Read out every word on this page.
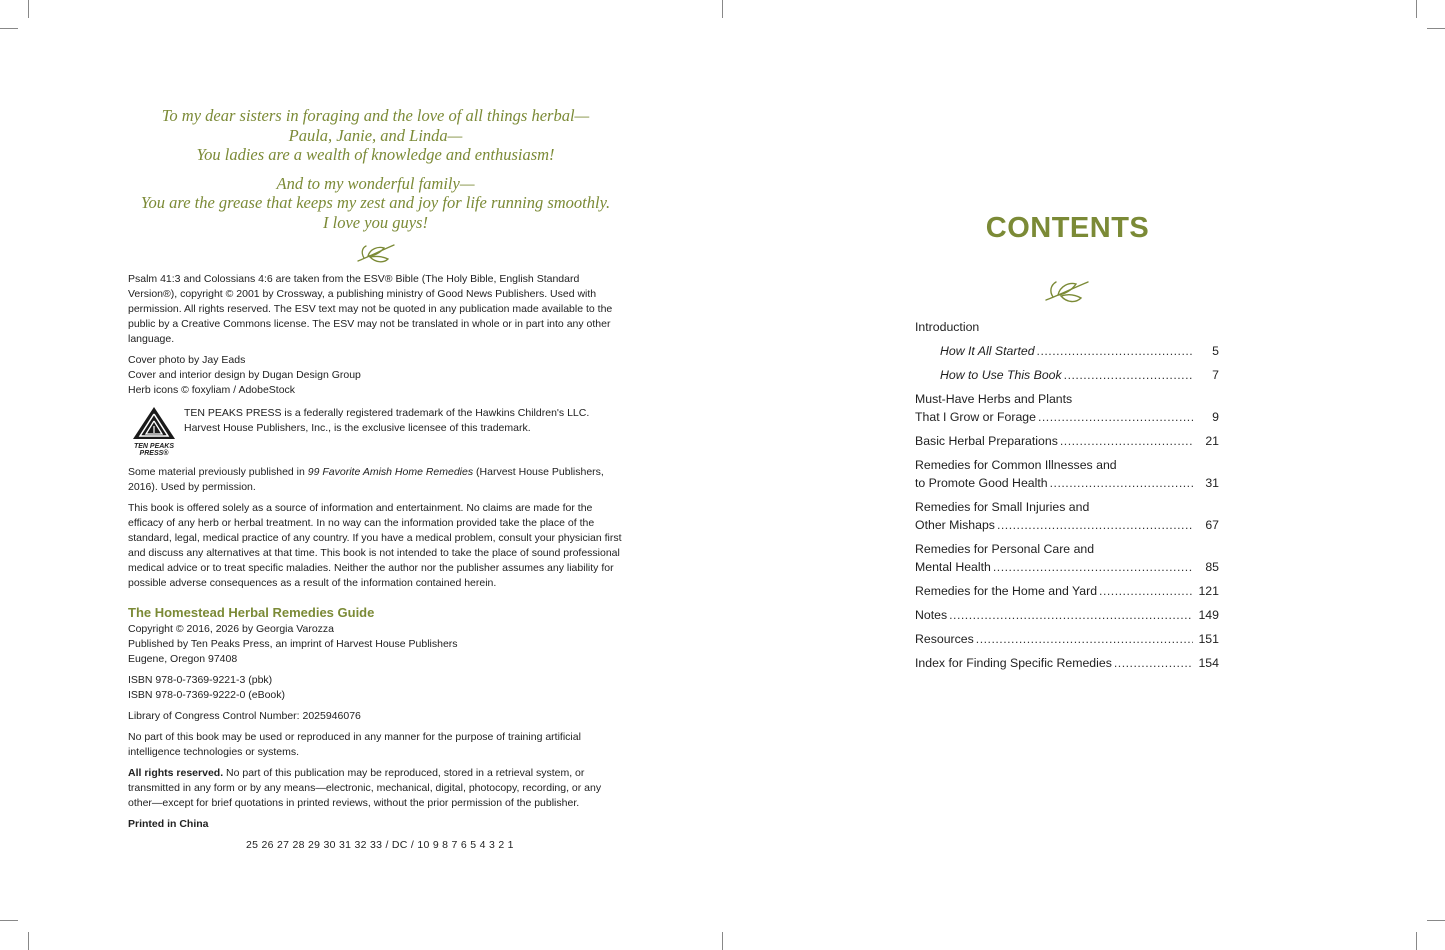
To my dear sisters in foraging and the love of all things herbal—
Paula, Janie, and Linda—
You ladies are a wealth of knowledge and enthusiasm!
And to my wonderful family—
You are the grease that keeps my zest and joy for life running smoothly.
I love you guys!

Psalm 41:3 and Colossians 4:6 are taken from the ESV® Bible (The Holy Bible, English Standard Version®), copyright © 2001 by Crossway, a publishing ministry of Good News Publishers. Used with permission. All rights reserved. The ESV text may not be quoted in any publication made available to the public by a Creative Commons license. The ESV may not be translated in whole or in part into any other language.

Cover photo by Jay Eads
Cover and interior design by Dugan Design Group
Herb icons © foxyliam / AdobeStock

TEN PEAKS PRESS®
TEN PEAKS PRESS is a federally registered trademark of the Hawkins Children's LLC.
Harvest House Publishers, Inc., is the exclusive licensee of this trademark.

Some material previously published in 99 Favorite Amish Home Remedies (Harvest House Publishers, 2016). Used by permission.

This book is offered solely as a source of information and entertainment. No claims are made for the efficacy of any herb or herbal treatment. In no way can the information provided take the place of the standard, legal, medical practice of any country. If you have a medical problem, consult your physician first and discuss any alternatives at that time. This book is not intended to take the place of sound professional medical advice or to treat specific maladies. Neither the author nor the publisher assumes any liability for possible adverse consequences as a result of the information contained herein.

The Homestead Herbal Remedies Guide

Copyright © 2016, 2026 by Georgia Varozza
Published by Ten Peaks Press, an imprint of Harvest House Publishers
Eugene, Oregon 97408

ISBN 978-0-7369-9221-3 (pbk)
ISBN 978-0-7369-9222-0 (eBook)

Library of Congress Control Number: 2025946076

No part of this book may be used or reproduced in any manner for the purpose of training artificial intelligence technologies or systems.

All rights reserved. No part of this publication may be reproduced, stored in a retrieval system, or transmitted in any form or by any means—electronic, mechanical, digital, photocopy, recording, or any other—except for brief quotations in printed reviews, without the prior permission of the publisher.

Printed in China

25 26 27 28 29 30 31 32 33 / DC / 10 9 8 7 6 5 4 3 2 1
CONTENTS
Introduction
How It All Started .....	5
How to Use This Book .....	7
Must-Have Herbs and Plants
That I Grow or Forage .....	9
Basic Herbal Preparations .....	21
Remedies for Common Illnesses and
to Promote Good Health .....	31
Remedies for Small Injuries and
Other Mishaps .....	67
Remedies for Personal Care and
Mental Health .....	85
Remedies for the Home and Yard .....	121
Notes .....	149
Resources .....	151
Index for Finding Specific Remedies .....	154
